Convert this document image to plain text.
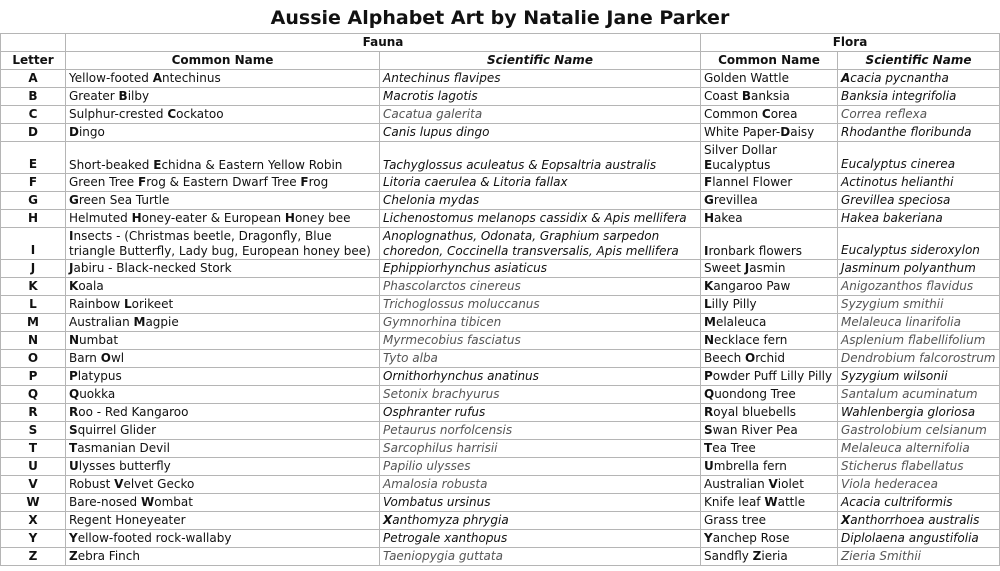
Aussie Alphabet Art by Natalie Jane Parker
	Fauna		Flora	
Letter	Common Name	Scientific Name	Common Name	Scientific Name
A	Yellow-footed Antechinus	Antechinus flavipes	Golden Wattle	Acacia pycnantha
B	Greater Bilby	Macrotis lagotis	Coast Banksia	Banksia integrifolia
C	Sulphur-crested Cockatoo	Cacatua galerita	Common Corea	Correa reflexa
D	Dingo	Canis lupus dingo	White Paper-Daisy	Rhodanthe floribunda
E	Short-beaked Echidna & Eastern Yellow Robin	Tachyglossus aculeatus & Eopsaltria australis	Silver Dollar Eucalyptus	Eucalyptus cinerea
F	Green Tree Frog & Eastern Dwarf Tree Frog	Litoria caerulea & Litoria fallax	Flannel Flower	Actinotus helianthi
G	Green Sea Turtle	Chelonia mydas	Grevillea	Grevillea speciosa
H	Helmuted Honey-eater & European Honey bee	Lichenostomus melanops cassidix & Apis mellifera	Hakea	Hakea bakeriana
I	Insects - (Christmas beetle, Dragonfly, Blue triangle Butterfly, Lady bug, European honey bee)	Anoplognathus, Odonata, Graphium sarpedon choredon, Coccinella transversalis, Apis mellifera	Ironbark flowers	Eucalyptus sideroxylon
J	Jabiru - Black-necked Stork	Ephippiorhynchus asiaticus	Sweet Jasmin	Jasminum polyanthum
K	Koala	Phascolarctos cinereus	Kangaroo Paw	Anigozanthos flavidus
L	Rainbow Lorikeet	Trichoglossus moluccanus	Lilly Pilly	Syzygium smithii
M	Australian Magpie	Gymnorhina tibicen	Melaleuca	Melaleuca linarifolia
N	Numbat	Myrmecobius fasciatus	Necklace fern	Asplenium flabellifolium
O	Barn Owl	Tyto alba	Beech Orchid	Dendrobium falcorostrum
P	Platypus	Ornithorhynchus anatinus	Powder Puff Lilly Pilly	Syzygium wilsonii
Q	Quokka	Setonix brachyurus	Quondong Tree	Santalum acuminatum
R	Roo - Red Kangaroo	Osphranter rufus	Royal bluebells	Wahlenbergia gloriosa
S	Squirrel Glider	Petaurus norfolcensis	Swan River Pea	Gastrolobium celsianum
T	Tasmanian Devil	Sarcophilus harrisii	Tea Tree	Melaleuca alternifolia
U	Ulysses butterfly	Papilio ulysses	Umbrella fern	Sticherus flabellatus
V	Robust Velvet Gecko	Amalosia robusta	Australian Violet	Viola hederacea
W	Bare-nosed Wombat	Vombatus ursinus	Knife leaf Wattle	Acacia cultriformis
X	Regent Honeyeater	Xanthomyza phrygia	Grass tree	Xanthorrhoea australis
Y	Yellow-footed rock-wallaby	Petrogale xanthopus	Yanchep Rose	Diplolaena angustifolia
Z	Zebra Finch	Taeniopygia guttata	Sandfly Zieria	Zieria Smithii
